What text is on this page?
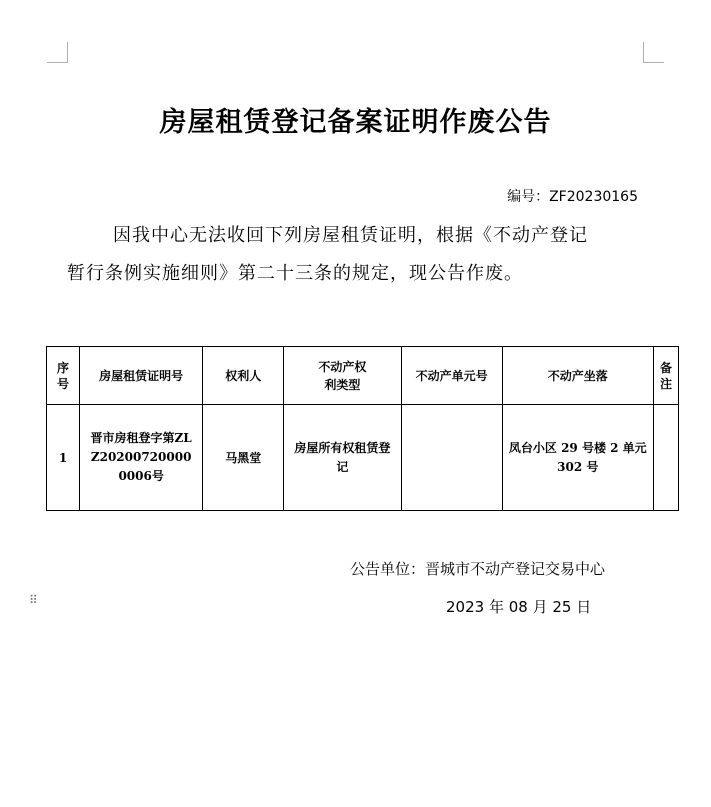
房屋租赁登记备案证明作废公告
编号：ZF20230165
因我中心无法收回下列房屋租赁证明，根据《不动产登记
暂行条例实施细则》第二十三条的规定，现公告作废。
序号	房屋租赁证明号	权利人	不动产权利类型	不动产单元号	不动产坐落	备注
1	晋市房租登字第ZLZ202007200000006号	马黑堂	房屋所有权租赁登记		凤台小区 29 号楼 2 单元 302 号	
公告单位：晋城市不动产登记交易中心
2023 年 08 月 25 日
⠿
